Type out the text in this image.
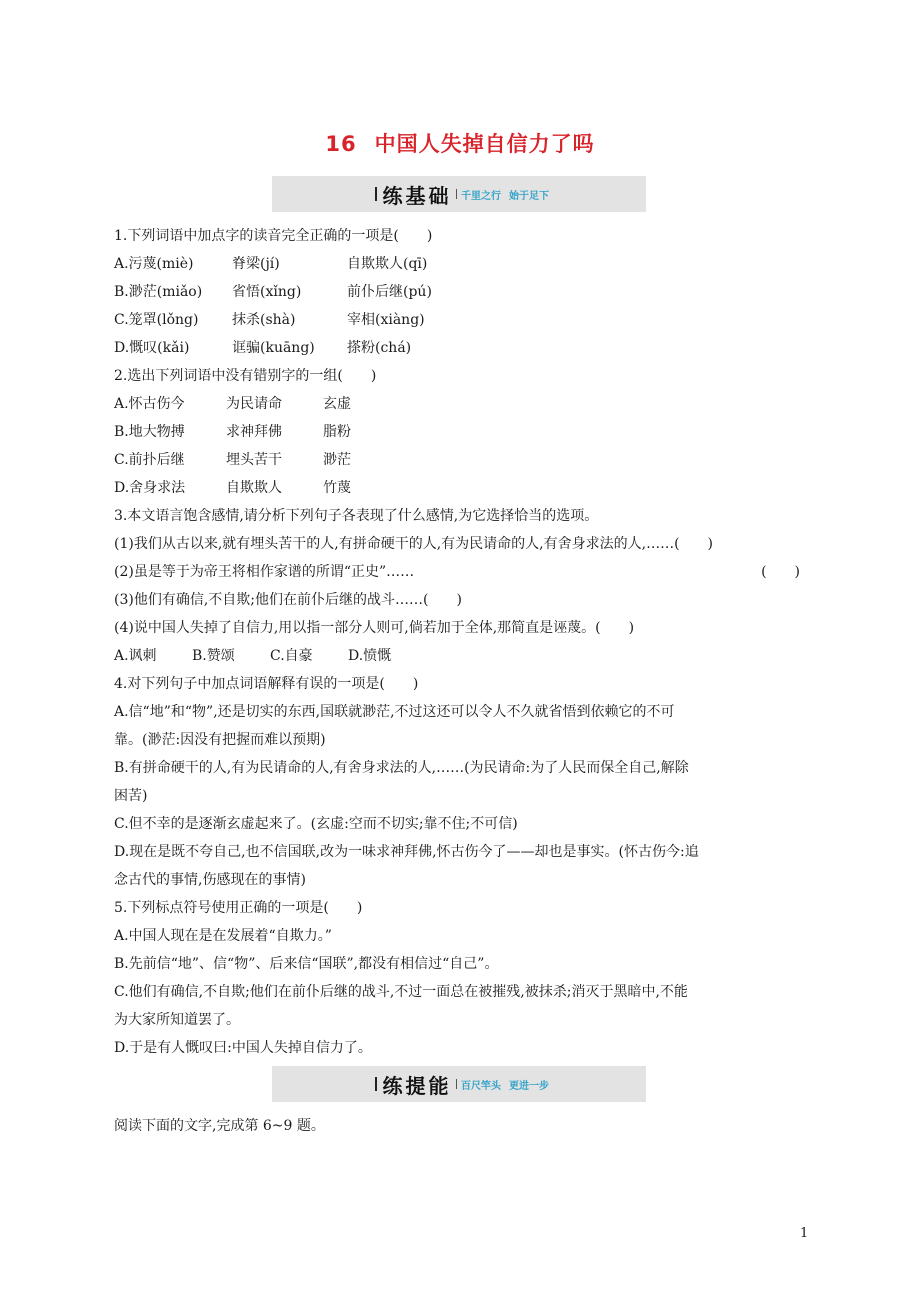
16 中国人失掉自信力了吗
练基础 千里之行 始于足下
1.下列词语中加点字的读音完全正确的一项是(　　)
A.污蔑(miè)	脊梁(jí)	自欺欺人(qī)
B.渺茫(miǎo)	省悟(xǐng)	前仆后继(pú)
C.笼罩(lǒng)	抹杀(shà)	宰相(xiàng)
D.慨叹(kǎi)	诓骗(kuāng)	搽粉(chá)
2.选出下列词语中没有错别字的一组(　　)
A.怀古伤今	为民请命	玄虚
B.地大物搏	求神拜佛	脂粉
C.前扑后继	埋头苦干	渺茫
D.舍身求法	自欺欺人	竹蔑
3.本文语言饱含感情,请分析下列句子各表现了什么感情,为它选择恰当的选项。
(1)我们从古以来,就有埋头苦干的人,有拼命硬干的人,有为民请命的人,有舍身求法的人,……(　　)
(2)虽是等于为帝王将相作家谱的所谓“正史”……	(　　)
(3)他们有确信,不自欺;他们在前仆后继的战斗……(　　)
(4)说中国人失掉了自信力,用以指一部分人则可,倘若加于全体,那简直是诬蔑。(　　)
A.讽刺	B.赞颂	C.自豪	D.愤慨
4.对下列句子中加点词语解释有误的一项是(　　)
A.信“地”和“物”,还是切实的东西,国联就渺茫,不过这还可以令人不久就省悟到依赖它的不可
靠。(渺茫:因没有把握而难以预期)
B.有拼命硬干的人,有为民请命的人,有舍身求法的人,……(为民请命:为了人民而保全自己,解除
困苦)
C.但不幸的是逐渐玄虚起来了。(玄虚:空而不切实;靠不住;不可信)
D.现在是既不夸自己,也不信国联,改为一味求神拜佛,怀古伤今了——却也是事实。(怀古伤今:追
念古代的事情,伤感现在的事情)
5.下列标点符号使用正确的一项是(　　)
A.中国人现在是在发展着“自欺力。”
B.先前信“地”、信“物”、后来信“国联”,都没有相信过“自己”。
C.他们有确信,不自欺;他们在前仆后继的战斗,不过一面总在被摧残,被抹杀;消灭于黑暗中,不能
为大家所知道罢了。
D.于是有人慨叹曰:中国人失掉自信力了。
练提能 百尺竿头 更进一步
阅读下面的文字,完成第 6~9 题。
1
